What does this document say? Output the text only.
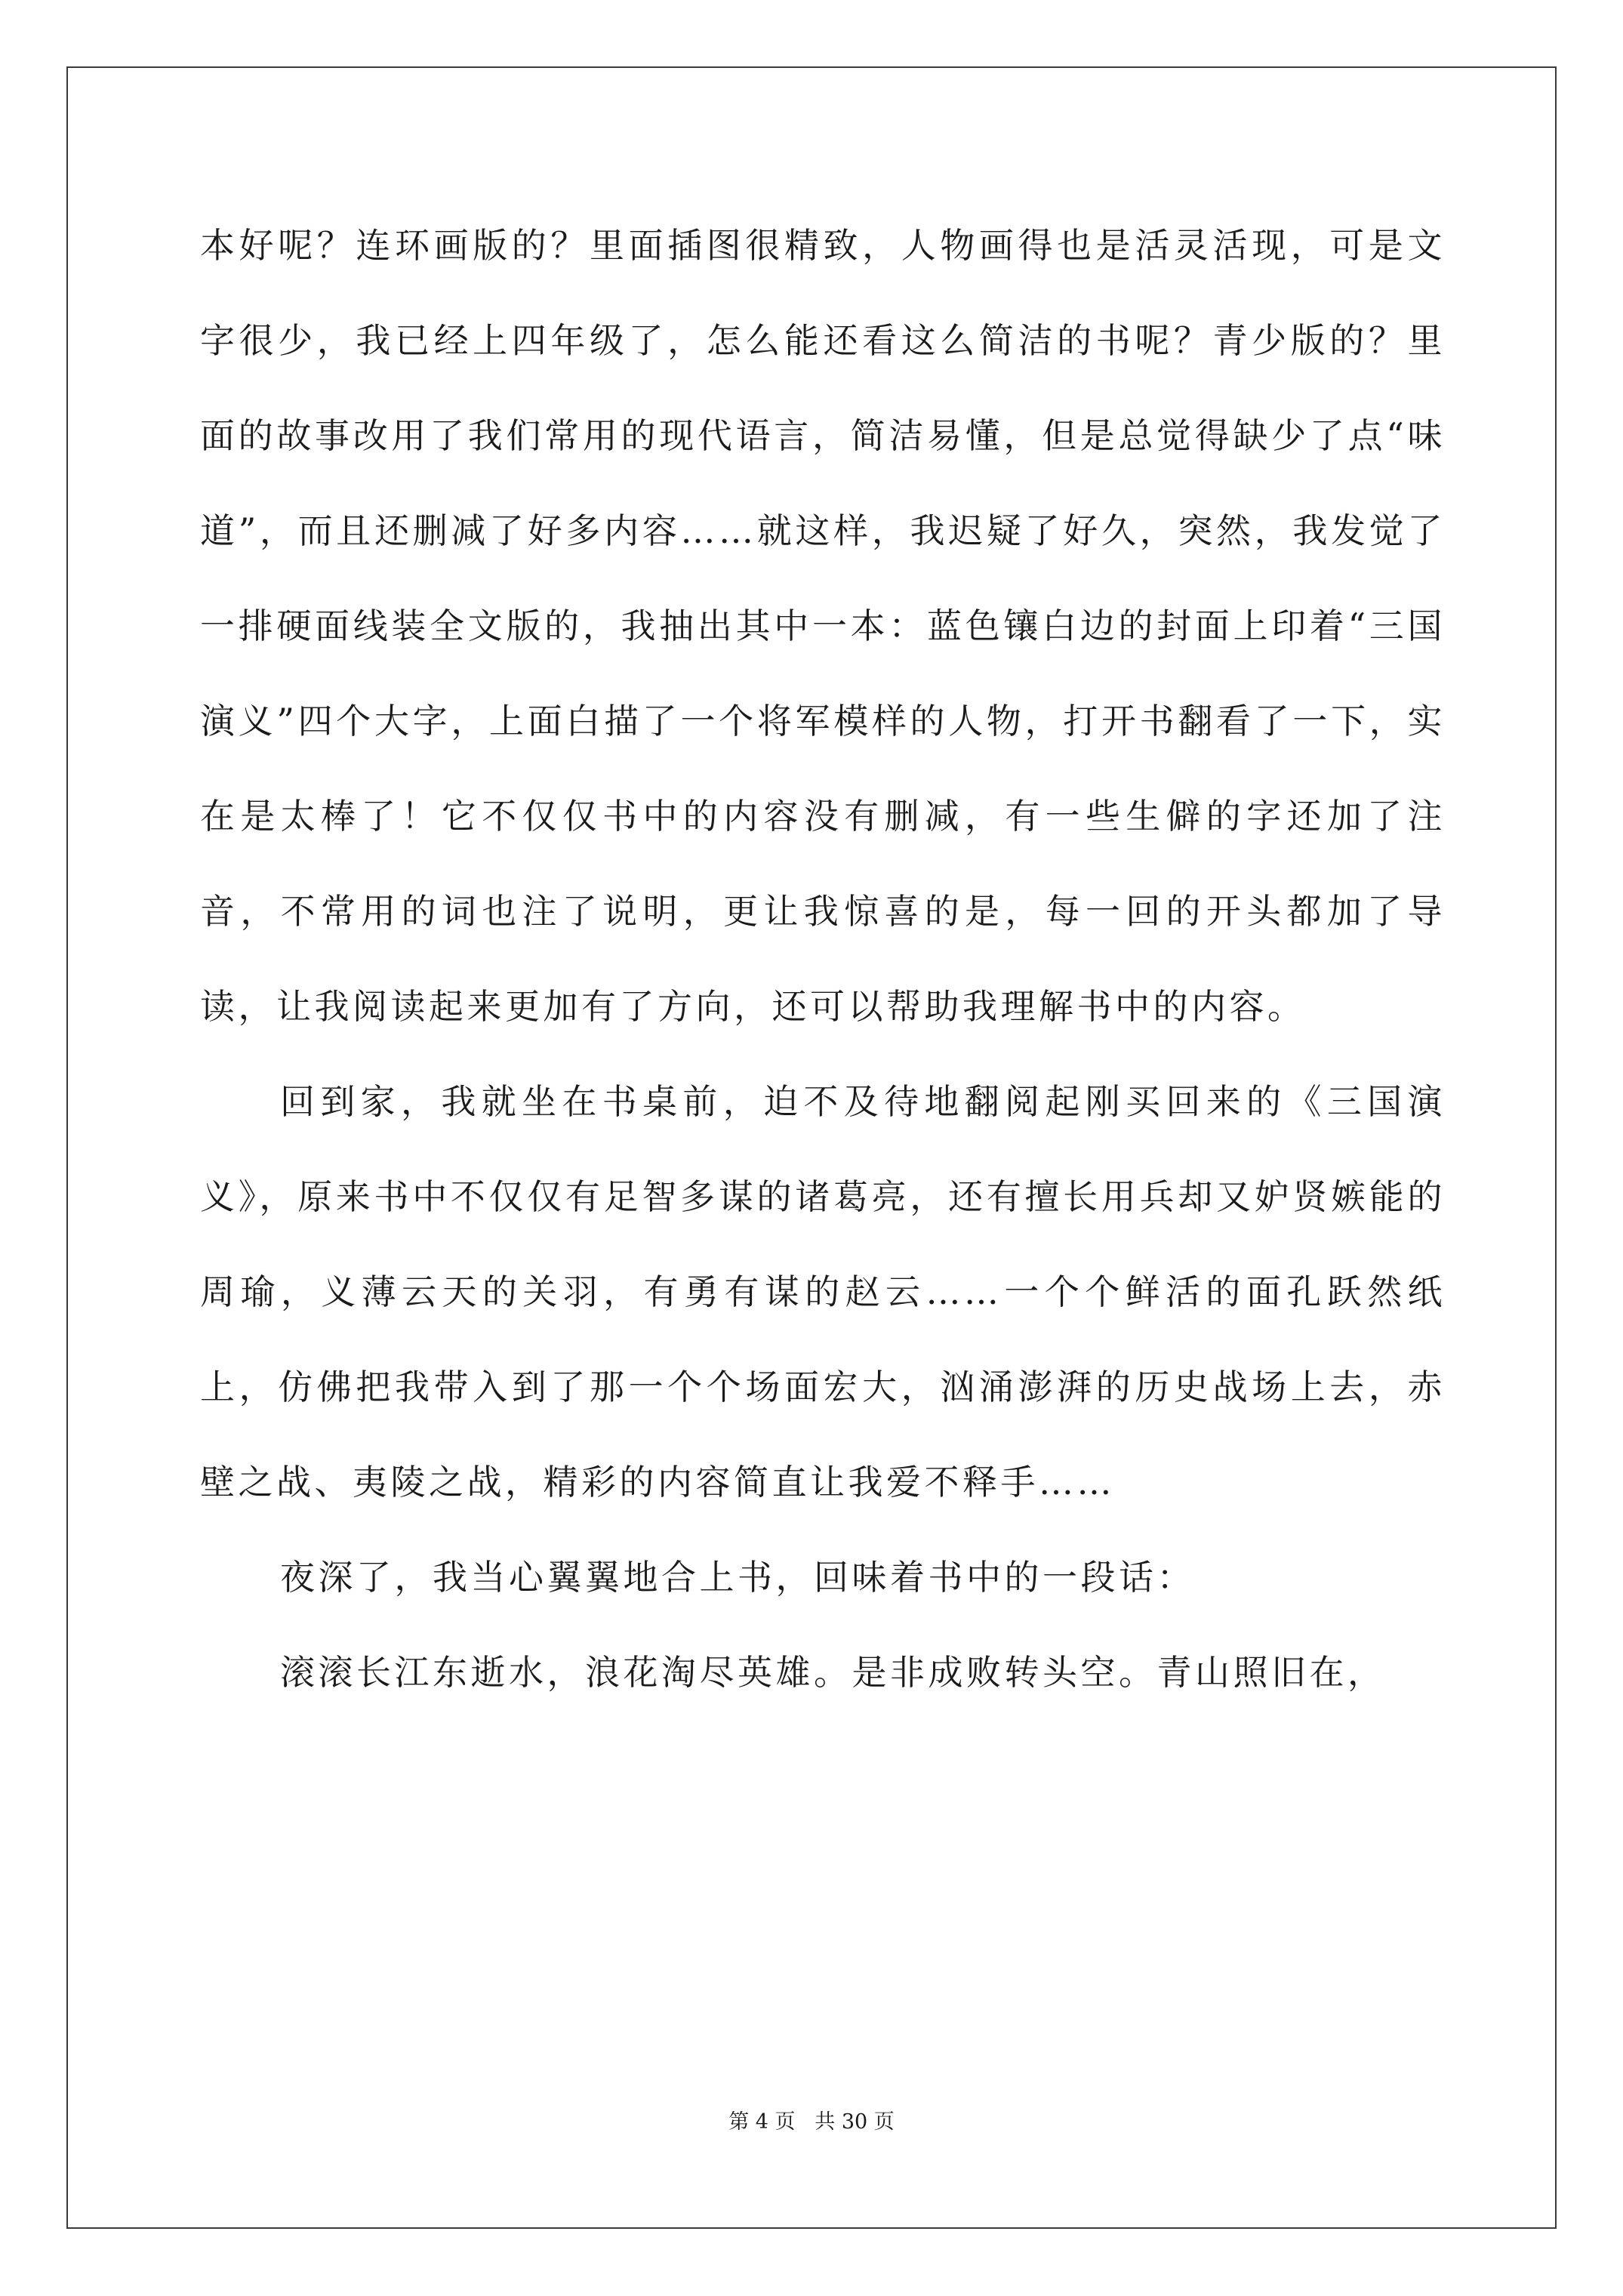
本好呢？连环画版的？里面插图很精致，人物画得也是活灵活现，可是文字很少，我已经上四年级了，怎么能还看这么简洁的书呢？青少版的？里面的故事改用了我们常用的现代语言，简洁易懂，但是总觉得缺少了点“味道”，而且还删减了好多内容……就这样，我迟疑了好久，突然，我发觉了一排硬面线装全文版的，我抽出其中一本：蓝色镶白边的封面上印着“三国演义”四个大字，上面白描了一个将军模样的人物，打开书翻看了一下，实在是太棒了！它不仅仅书中的内容没有删减，有一些生僻的字还加了注音，不常用的词也注了说明，更让我惊喜的是，每一回的开头都加了导读，让我阅读起来更加有了方向，还可以帮助我理解书中的内容。

回到家，我就坐在书桌前，迫不及待地翻阅起刚买回来的《三国演义》，原来书中不仅仅有足智多谋的诸葛亮，还有擅长用兵却又妒贤嫉能的周瑜，义薄云天的关羽，有勇有谋的赵云……一个个鲜活的面孔跃然纸上，仿佛把我带入到了那一个个场面宏大，汹涌澎湃的历史战场上去，赤壁之战、夷陵之战，精彩的内容简直让我爱不释手……

夜深了，我当心翼翼地合上书，回味着书中的一段话：

滚滚长江东逝水，浪花淘尽英雄。是非成败转头空。青山照旧在，

第 4 页   共 30 页
